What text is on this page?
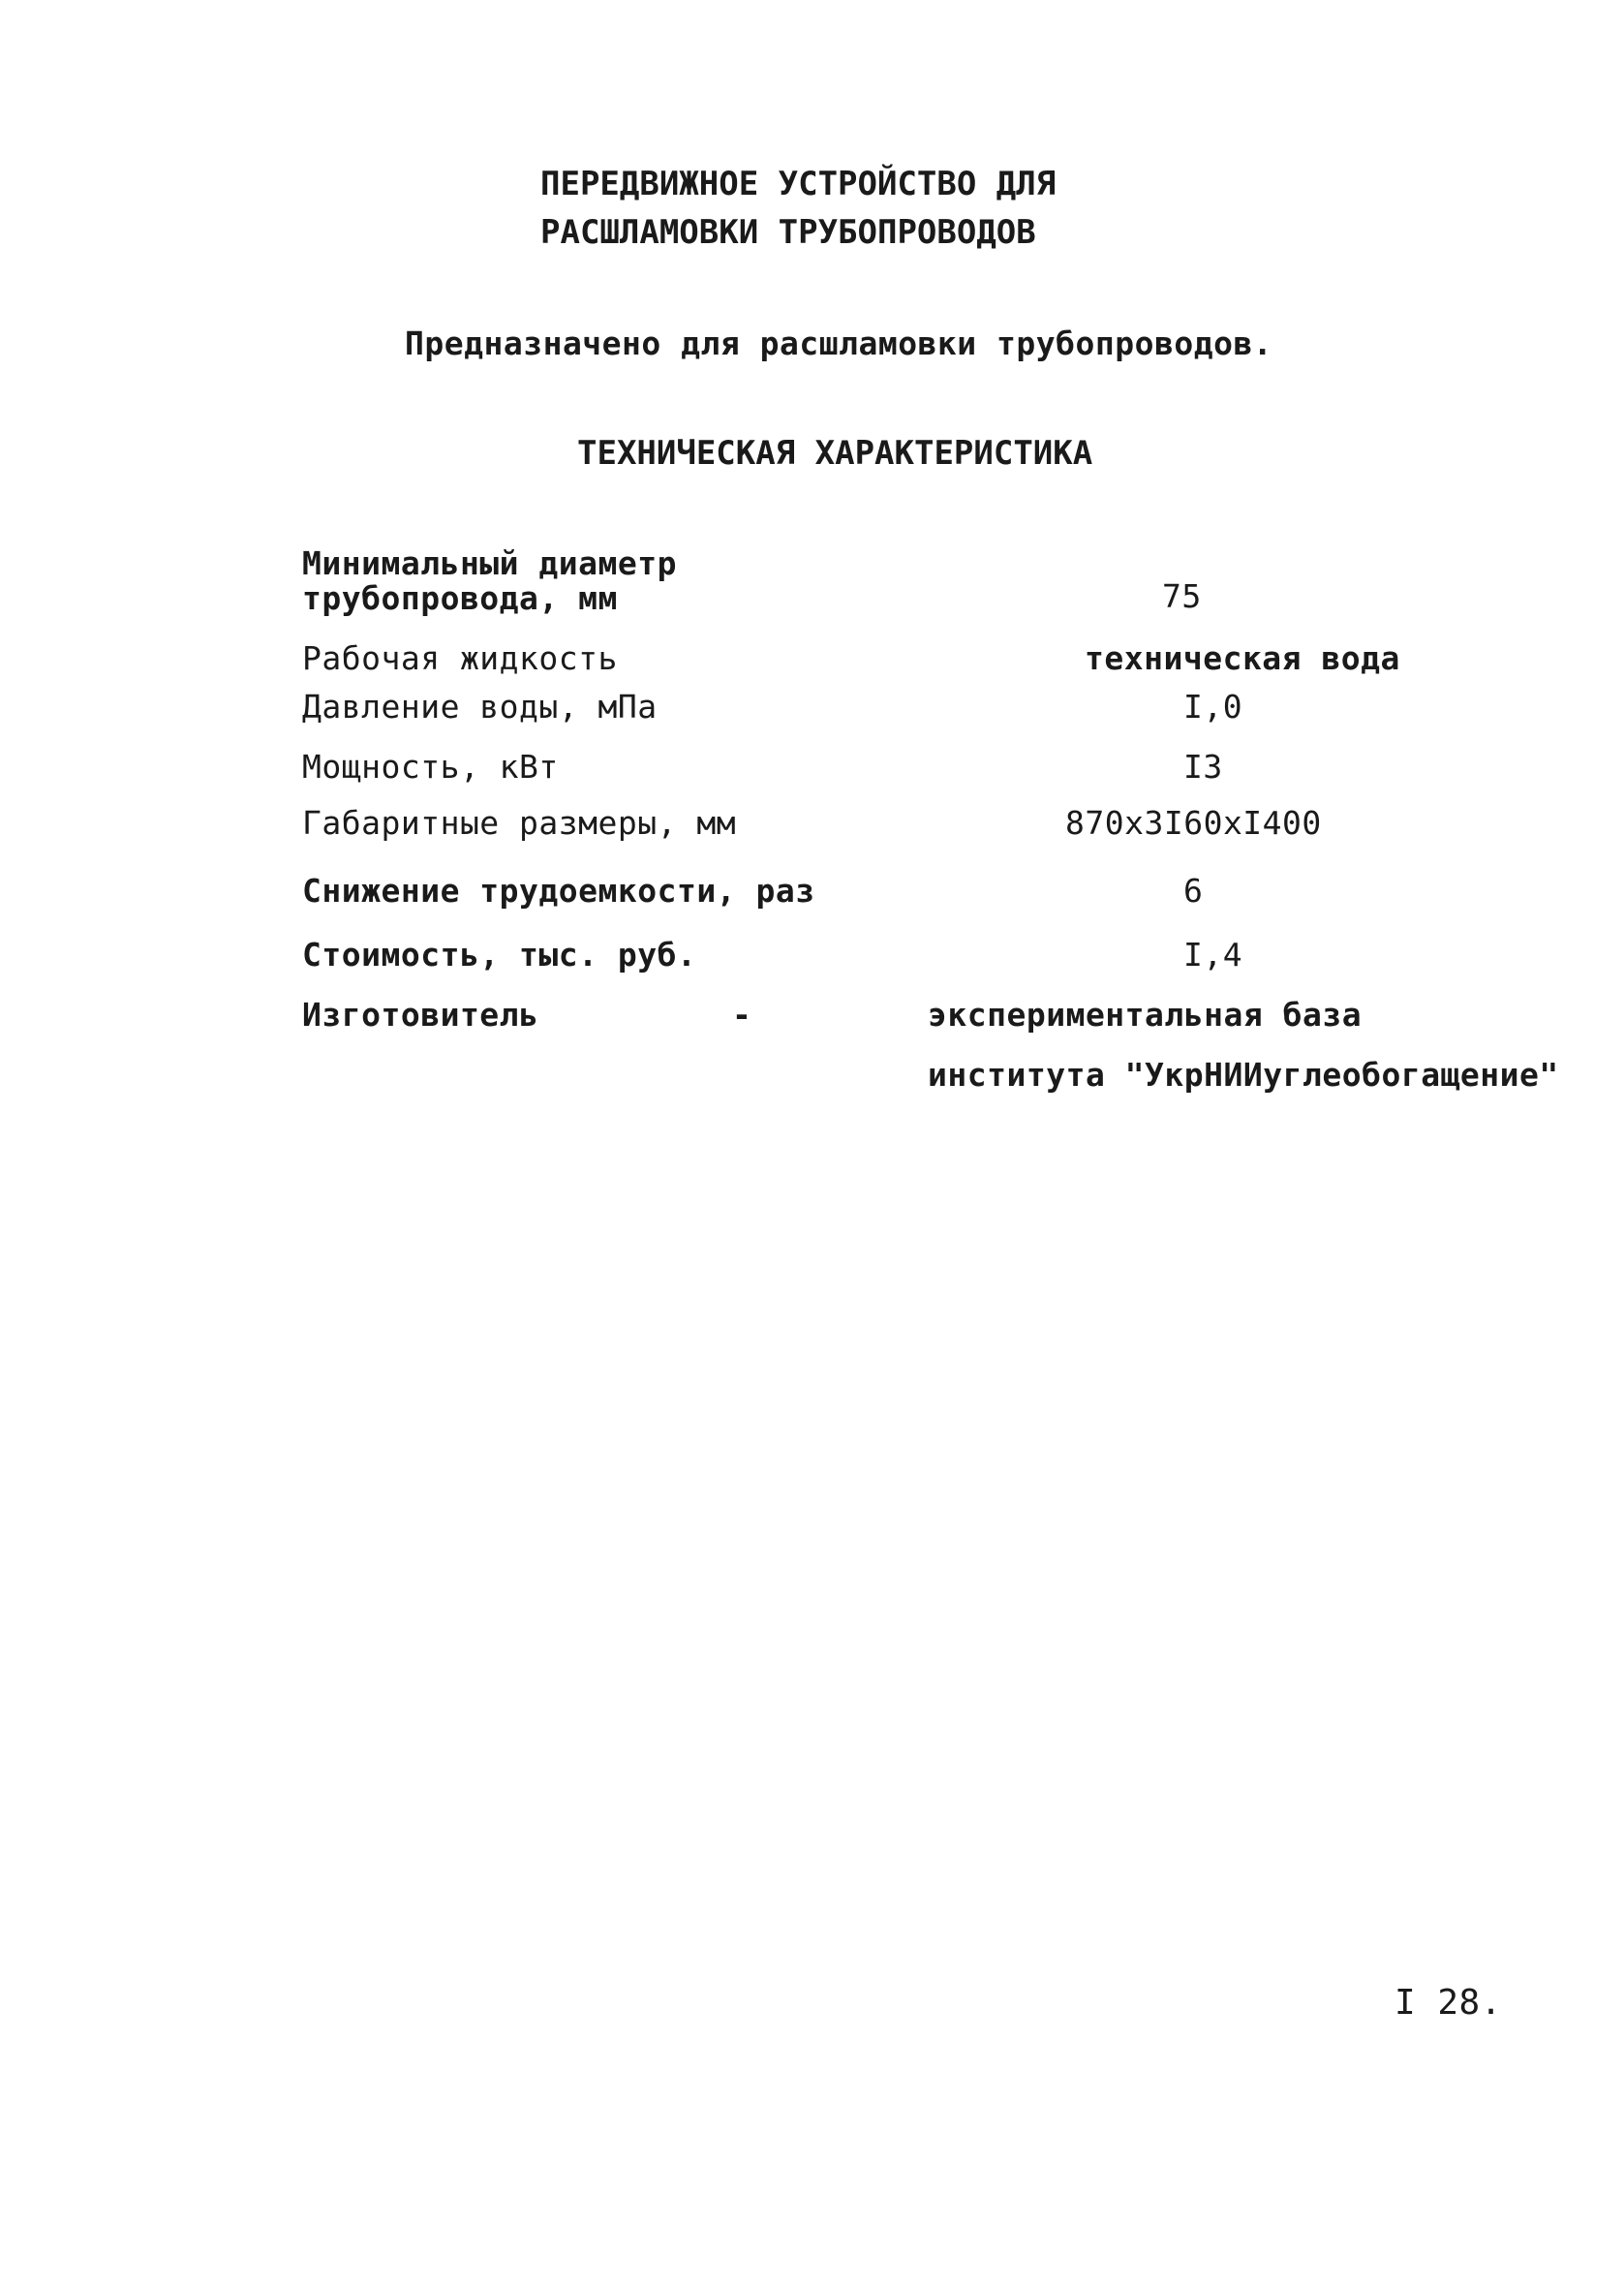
ПЕРЕДВИЖНОЕ УСТРОЙСТВО ДЛЯ
РАСШЛАМОВКИ ТРУБОПРОВОДОВ
Предназначено для расшламовки трубопроводов.
ТЕХНИЧЕСКАЯ ХАРАКТЕРИСТИКА
Минимальный диаметр
трубопровода, мм	75
Рабочая жидкость	техническая вода
Давление воды, мПа	I,0
Мощность, кВт	I3
Габаритные размеры, мм	870x3I60xI400
Снижение трудоемкости, раз	6
Стоимость, тыс. руб.	I,4
Изготовитель	-	экспериментальная база
института "УкрНИИуглеобогащение"
I 28.
